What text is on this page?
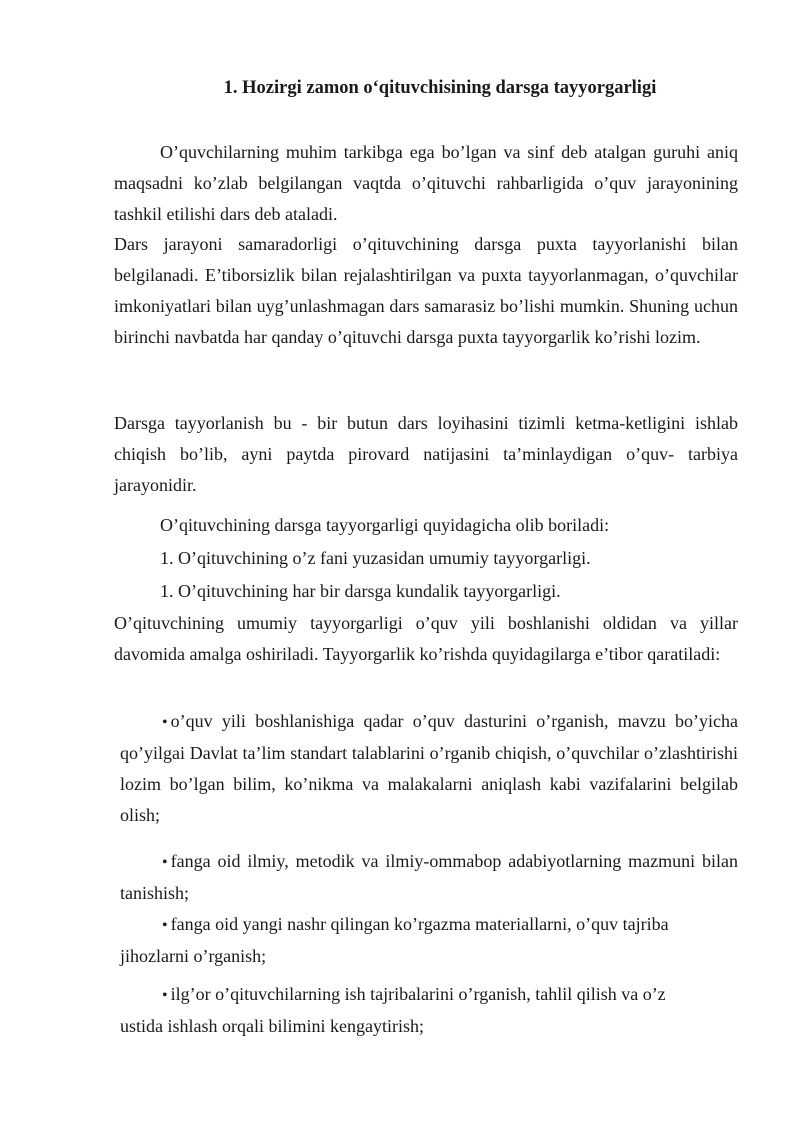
1. Hozirgi zamon o‘qituvchisining darsga tayyorgarligi

O’quvchilarning muhim tarkibga ega bo’lgan va sinf deb atalgan guruhi aniq maqsadni ko’zlab belgilangan vaqtda o’qituvchi rahbarligida o’quv jarayonining tashkil etilishi dars deb ataladi.

Dars jarayoni samaradorligi o’qituvchining darsga puxta tayyorlanishi bilan belgilanadi. E’tiborsizlik bilan rejalashtirilgan va puxta tayyorlanmagan, o’quvchilar imkoniyatlari bilan uyg’unlashmagan dars samarasiz bo’lishi mumkin. Shuning uchun birinchi navbatda har qanday o’qituvchi darsga puxta tayyorgarlik ko’rishi lozim.

Darsga tayyorlanish bu - bir butun dars loyihasini tizimli ketma-ketligini ishlab chiqish bo’lib, ayni paytda pirovard natijasini ta’minlaydigan o’quv- tarbiya jarayonidir.

O’qituvchining darsga tayyorgarligi quyidagicha olib boriladi:

1. O’qituvchining o’z fani yuzasidan umumiy tayyorgarligi.

1. O’qituvchining har bir darsga kundalik tayyorgarligi.

O’qituvchining umumiy tayyorgarligi o’quv yili boshlanishi oldidan va yillar davomida amalga oshiriladi. Tayyorgarlik ko’rishda quyidagilarga e’tibor qaratiladi:

• o’quv yili boshlanishiga qadar o’quv dasturini o’rganish, mavzu bo’yicha qo’yilgai Davlat ta’lim standart talablarini o’rganib chiqish, o’quvchilar o’zlashtirishi lozim bo’lgan bilim, ko’nikma va malakalarni aniqlash kabi vazifalarini belgilab olish;

• fanga oid ilmiy, metodik va ilmiy-ommabop adabiyotlarning mazmuni bilan tanishish;

• fanga oid yangi nashr qilingan ko’rgazma materiallarni, o’quv tajriba jihozlarni o’rganish;

• ilg’or o’qituvchilarning ish tajribalarini o’rganish, tahlil qilish va o’z ustida ishlash orqali bilimini kengaytirish;
